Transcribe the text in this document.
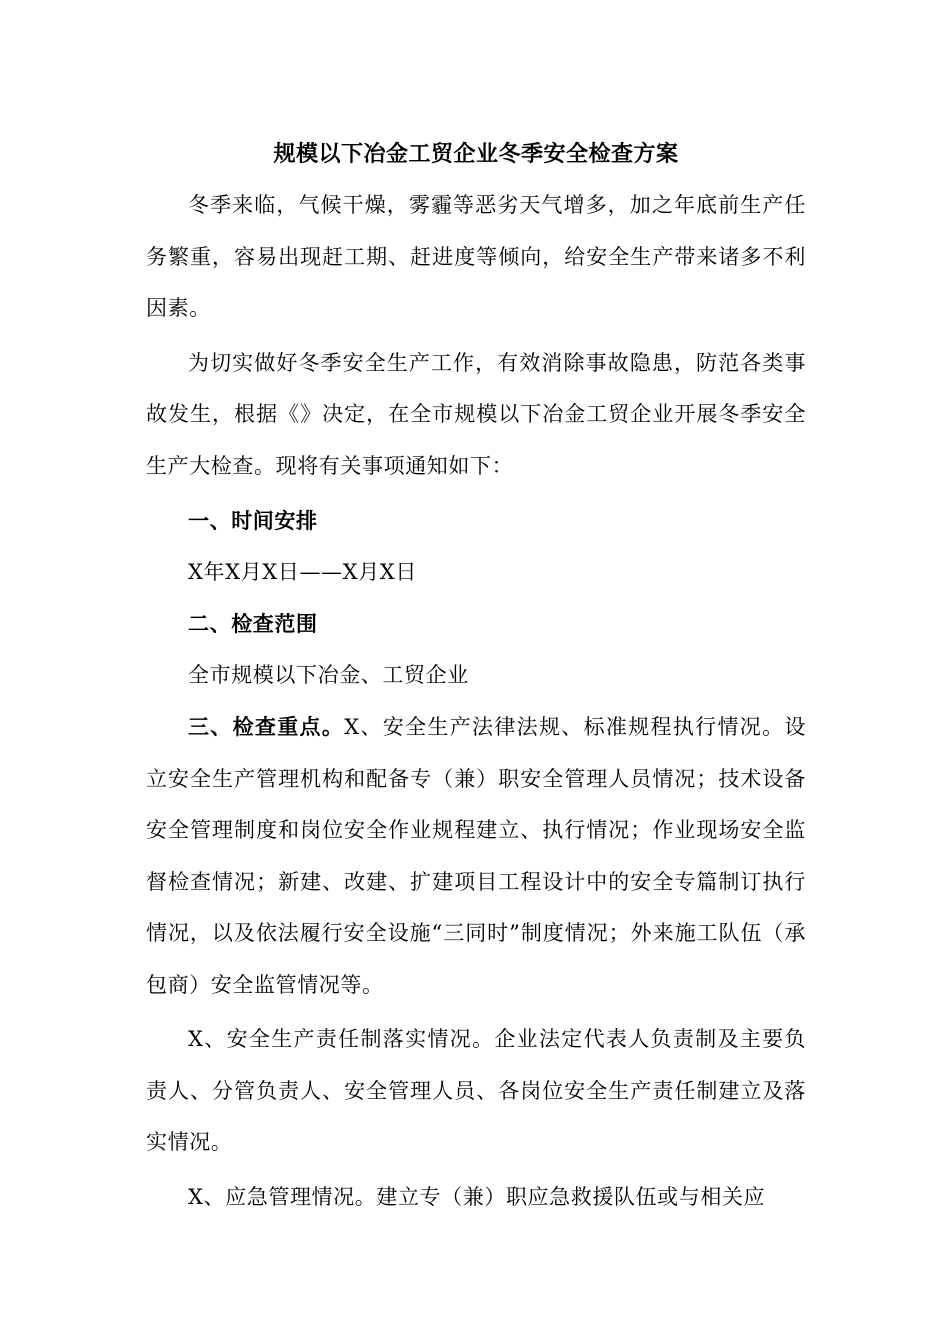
规模以下冶金工贸企业冬季安全检查方案

冬季来临，气候干燥，雾霾等恶劣天气增多，加之年底前生产任务繁重，容易出现赶工期、赶进度等倾向，给安全生产带来诸多不利因素。

为切实做好冬季安全生产工作，有效消除事故隐患，防范各类事故发生，根据《》决定，在全市规模以下冶金工贸企业开展冬季安全生产大检查。现将有关事项通知如下：

一、时间安排

X年X月X日——X月X日

二、检查范围

全市规模以下冶金、工贸企业

三、检查重点。X、安全生产法律法规、标准规程执行情况。设立安全生产管理机构和配备专（兼）职安全管理人员情况；技术设备安全管理制度和岗位安全作业规程建立、执行情况；作业现场安全监督检查情况；新建、改建、扩建项目工程设计中的安全专篇制订执行情况，以及依法履行安全设施“三同时”制度情况；外来施工队伍（承包商）安全监管情况等。

X、安全生产责任制落实情况。企业法定代表人负责制及主要负责人、分管负责人、安全管理人员、各岗位安全生产责任制建立及落实情况。

X、应急管理情况。建立专（兼）职应急救援队伍或与相关应
